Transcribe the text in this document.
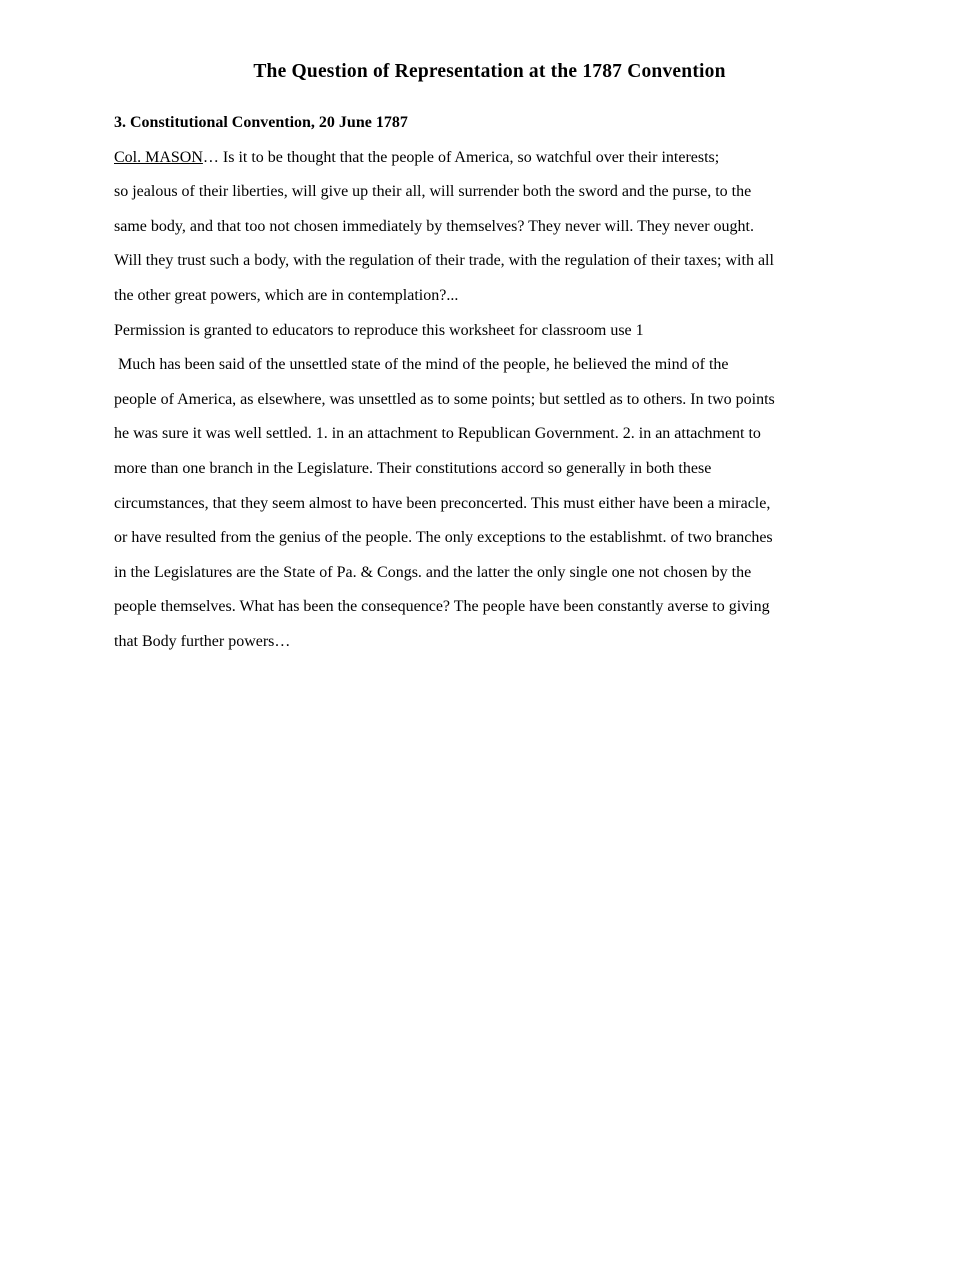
The Question of Representation at the 1787 Convention
3. Constitutional Convention, 20 June 1787
Col. MASON… Is it to be thought that the people of America, so watchful over their interests;
so jealous of their liberties, will give up their all, will surrender both the sword and the purse, to the
same body, and that too not chosen immediately by themselves? They never will. They never ought.
Will they trust such a body, with the regulation of their trade, with the regulation of their taxes; with all
the other great powers, which are in contemplation?...
Permission is granted to educators to reproduce this worksheet for classroom use 1
Much has been said of the unsettled state of the mind of the people, he believed the mind of the
people of America, as elsewhere, was unsettled as to some points; but settled as to others. In two points
he was sure it was well settled. 1. in an attachment to Republican Government. 2. in an attachment to
more than one branch in the Legislature. Their constitutions accord so generally in both these
circumstances, that they seem almost to have been preconcerted. This must either have been a miracle,
or have resulted from the genius of the people. The only exceptions to the establishmt. of two branches
in the Legislatures are the State of Pa. & Congs. and the latter the only single one not chosen by the
people themselves. What has been the consequence? The people have been constantly averse to giving
that Body further powers…
